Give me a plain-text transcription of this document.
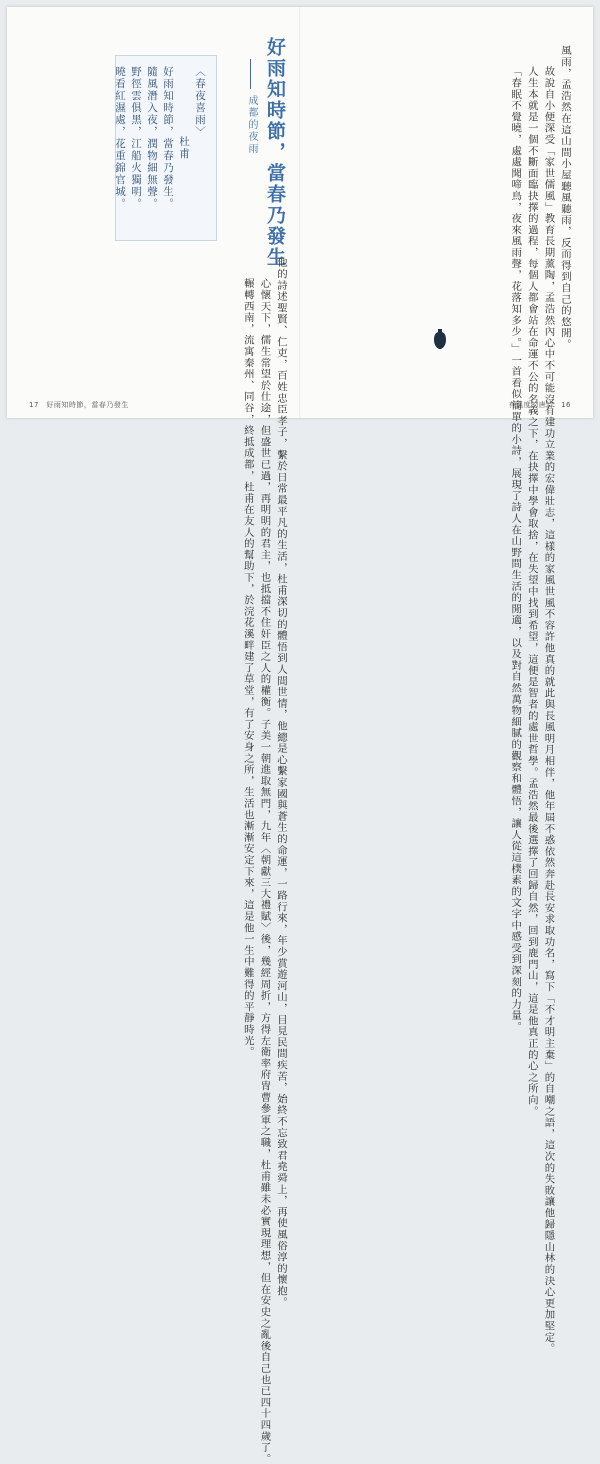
好雨知時節，當春乃發生
成都的夜雨

〈春夜喜雨〉

杜甫

好雨知時節，當春乃發生。

隨風潛入夜，潤物細無聲。

野徑雲俱黑，江船火獨明。

曉看紅濕處，花重錦官城。

他的詩述聖賢、仁吏，百姓忠臣孝子，繫於日常最平凡的生活，杜甫深切的體悟到人間世情，他總是心繫家國與蒼生的命運，一路行來，年少賞遊河山，目見民間疾苦，始終不忘致君堯舜上，再使風俗淳的懷抱。

心懷天下，儒生常望於仕途，但盛世已過，再明明的君主，也抵擋不住奸臣之人的權衡。子美一朝進取無門，九年〈朝獻三大禮賦〉後，幾經周折，方得左衛率府冑曹參軍之職，杜甫雖未必實現理想，但在安史之亂後自己也已四十四歲了。

輾轉西南，流寓秦州、同谷，終抵成都，杜甫在友人的幫助下，於浣花溪畔建了草堂，有了安身之所，生活也漸漸安定下來，這是他一生中難得的平靜時光。

17　好雨知時節，當春乃發生

風雨，孟浩然在這山間小屋聽風聽雨，反而得到自己的悠閒。

故說自小便深受「家世儒風」教育長期薰陶，孟浩然內心中不可能沒有建功立業的宏偉壯志，這樣的家風世風不容許他真的就此與長風明月相伴，他年屆不惑依然奔赴長安求取功名，寫下「不才明主棄」的自嘲之語，這次的失敗讓他歸隱山林的決心更加堅定。

人生本就是一個不斷面臨抉擇的過程，每個人都會站在命運不公的名義之下，在抉擇中學會取捨，在失望中找到希望，這便是智者的處世哲學。孟浩然最後選擇了回歸自然，回到鹿門山，這是他真正的心之所向。

「春眠不覺曉，處處聞啼鳥，夜來風雨聲，花落知多少。」一首看似簡單的小詩，展現了詩人在山野間生活的閒適，以及對自然萬物細膩的觀察和體悟，讓人從這樸素的文字中感受到深刻的力量。

有溫度的唐詩　16
